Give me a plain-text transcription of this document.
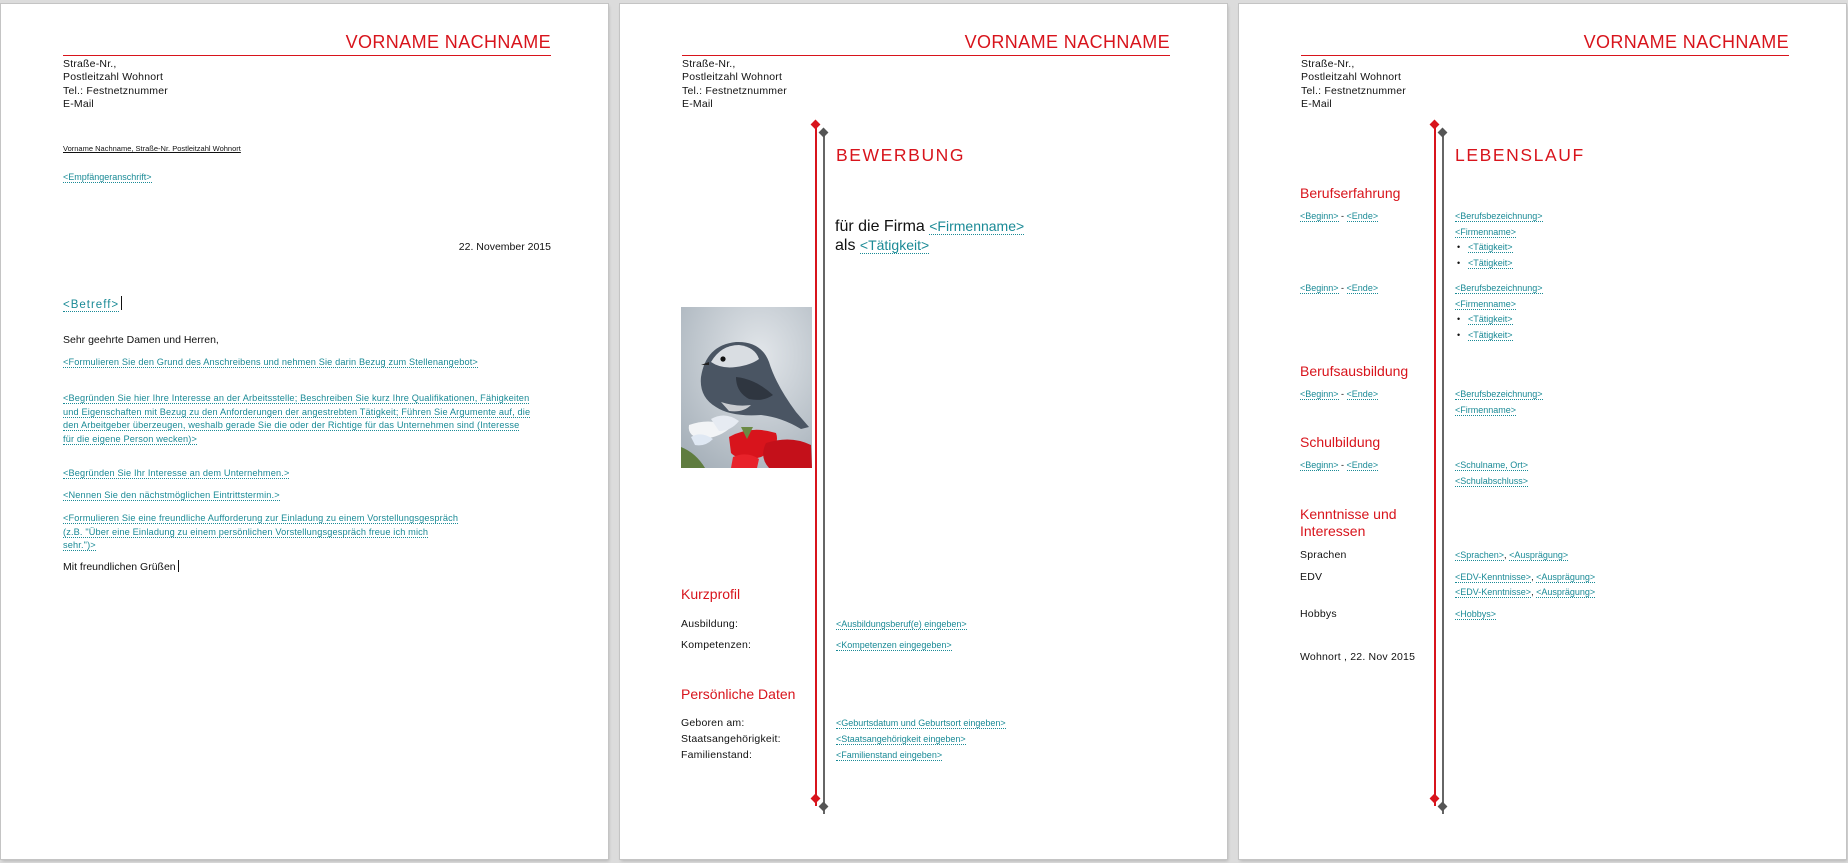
VORNAME NACHNAME
Straße-Nr.,
Postleitzahl Wohnort
Tel.: Festnetznummer
E-Mail
Vorname Nachname, Straße-Nr. Postleitzahl Wohnort
<Empfängeranschrift>
22. November 2015
<Betreff>
Sehr geehrte Damen und Herren,
<Formulieren Sie den Grund des Anschreibens und nehmen Sie darin Bezug zum Stellenangebot>
<Begründen Sie hier Ihre Interesse an der Arbeitsstelle; Beschreiben Sie kurz Ihre Qualifikationen, Fähigkeiten und Eigenschaften mit Bezug zu den Anforderungen der angestrebten Tätigkeit; Führen Sie Argumente auf, die den Arbeitgeber überzeugen, weshalb gerade Sie die oder der Richtige für das Unternehmen sind (Interesse für die eigene Person wecken)>
<Begründen Sie Ihr Interesse an dem Unternehmen.>
<Nennen Sie den nächstmöglichen Eintrittstermin.>
<Formulieren Sie eine freundliche Aufforderung zur Einladung zu einem Vorstellungsgespräch (z.B. "Über eine Einladung zu einem persönlichen Vorstellungsgespräch freue ich mich sehr.")>
Mit freundlichen Grüßen
VORNAME NACHNAME
Straße-Nr.,
Postleitzahl Wohnort
Tel.: Festnetznummer
E-Mail
BEWERBUNG
für die Firma <Firmenname>
als <Tätigkeit>
Kurzprofil
Ausbildung:	<Ausbildungsberuf(e) eingeben>
Kompetenzen:	<Kompetenzen eingegeben>
Persönliche Daten
Geboren am:	<Geburtsdatum und Geburtsort eingeben>
Staatsangehörigkeit:	<Staatsangehörigkeit eingeben>
Familienstand:	<Familienstand eingeben>
VORNAME NACHNAME
Straße-Nr.,
Postleitzahl Wohnort
Tel.: Festnetznummer
E-Mail
LEBENSLAUF
Berufserfahrung
<Beginn> - <Ende>	<Berufsbezeichnung>
<Firmenname>
• <Tätigkeit>
• <Tätigkeit>
<Beginn> - <Ende>	<Berufsbezeichnung>
<Firmenname>
• <Tätigkeit>
• <Tätigkeit>
Berufsausbildung
<Beginn> - <Ende>	<Berufsbezeichnung>
<Firmenname>
Schulbildung
<Beginn> - <Ende>	<Schulname, Ort>
<Schulabschluss>
Kenntnisse und Interessen
Sprachen	<Sprachen>, <Ausprägung>
EDV	<EDV-Kenntnisse>, <Ausprägung>
<EDV-Kenntnisse>, <Ausprägung>
Hobbys	<Hobbys>
Wohnort , 22. Nov 2015
